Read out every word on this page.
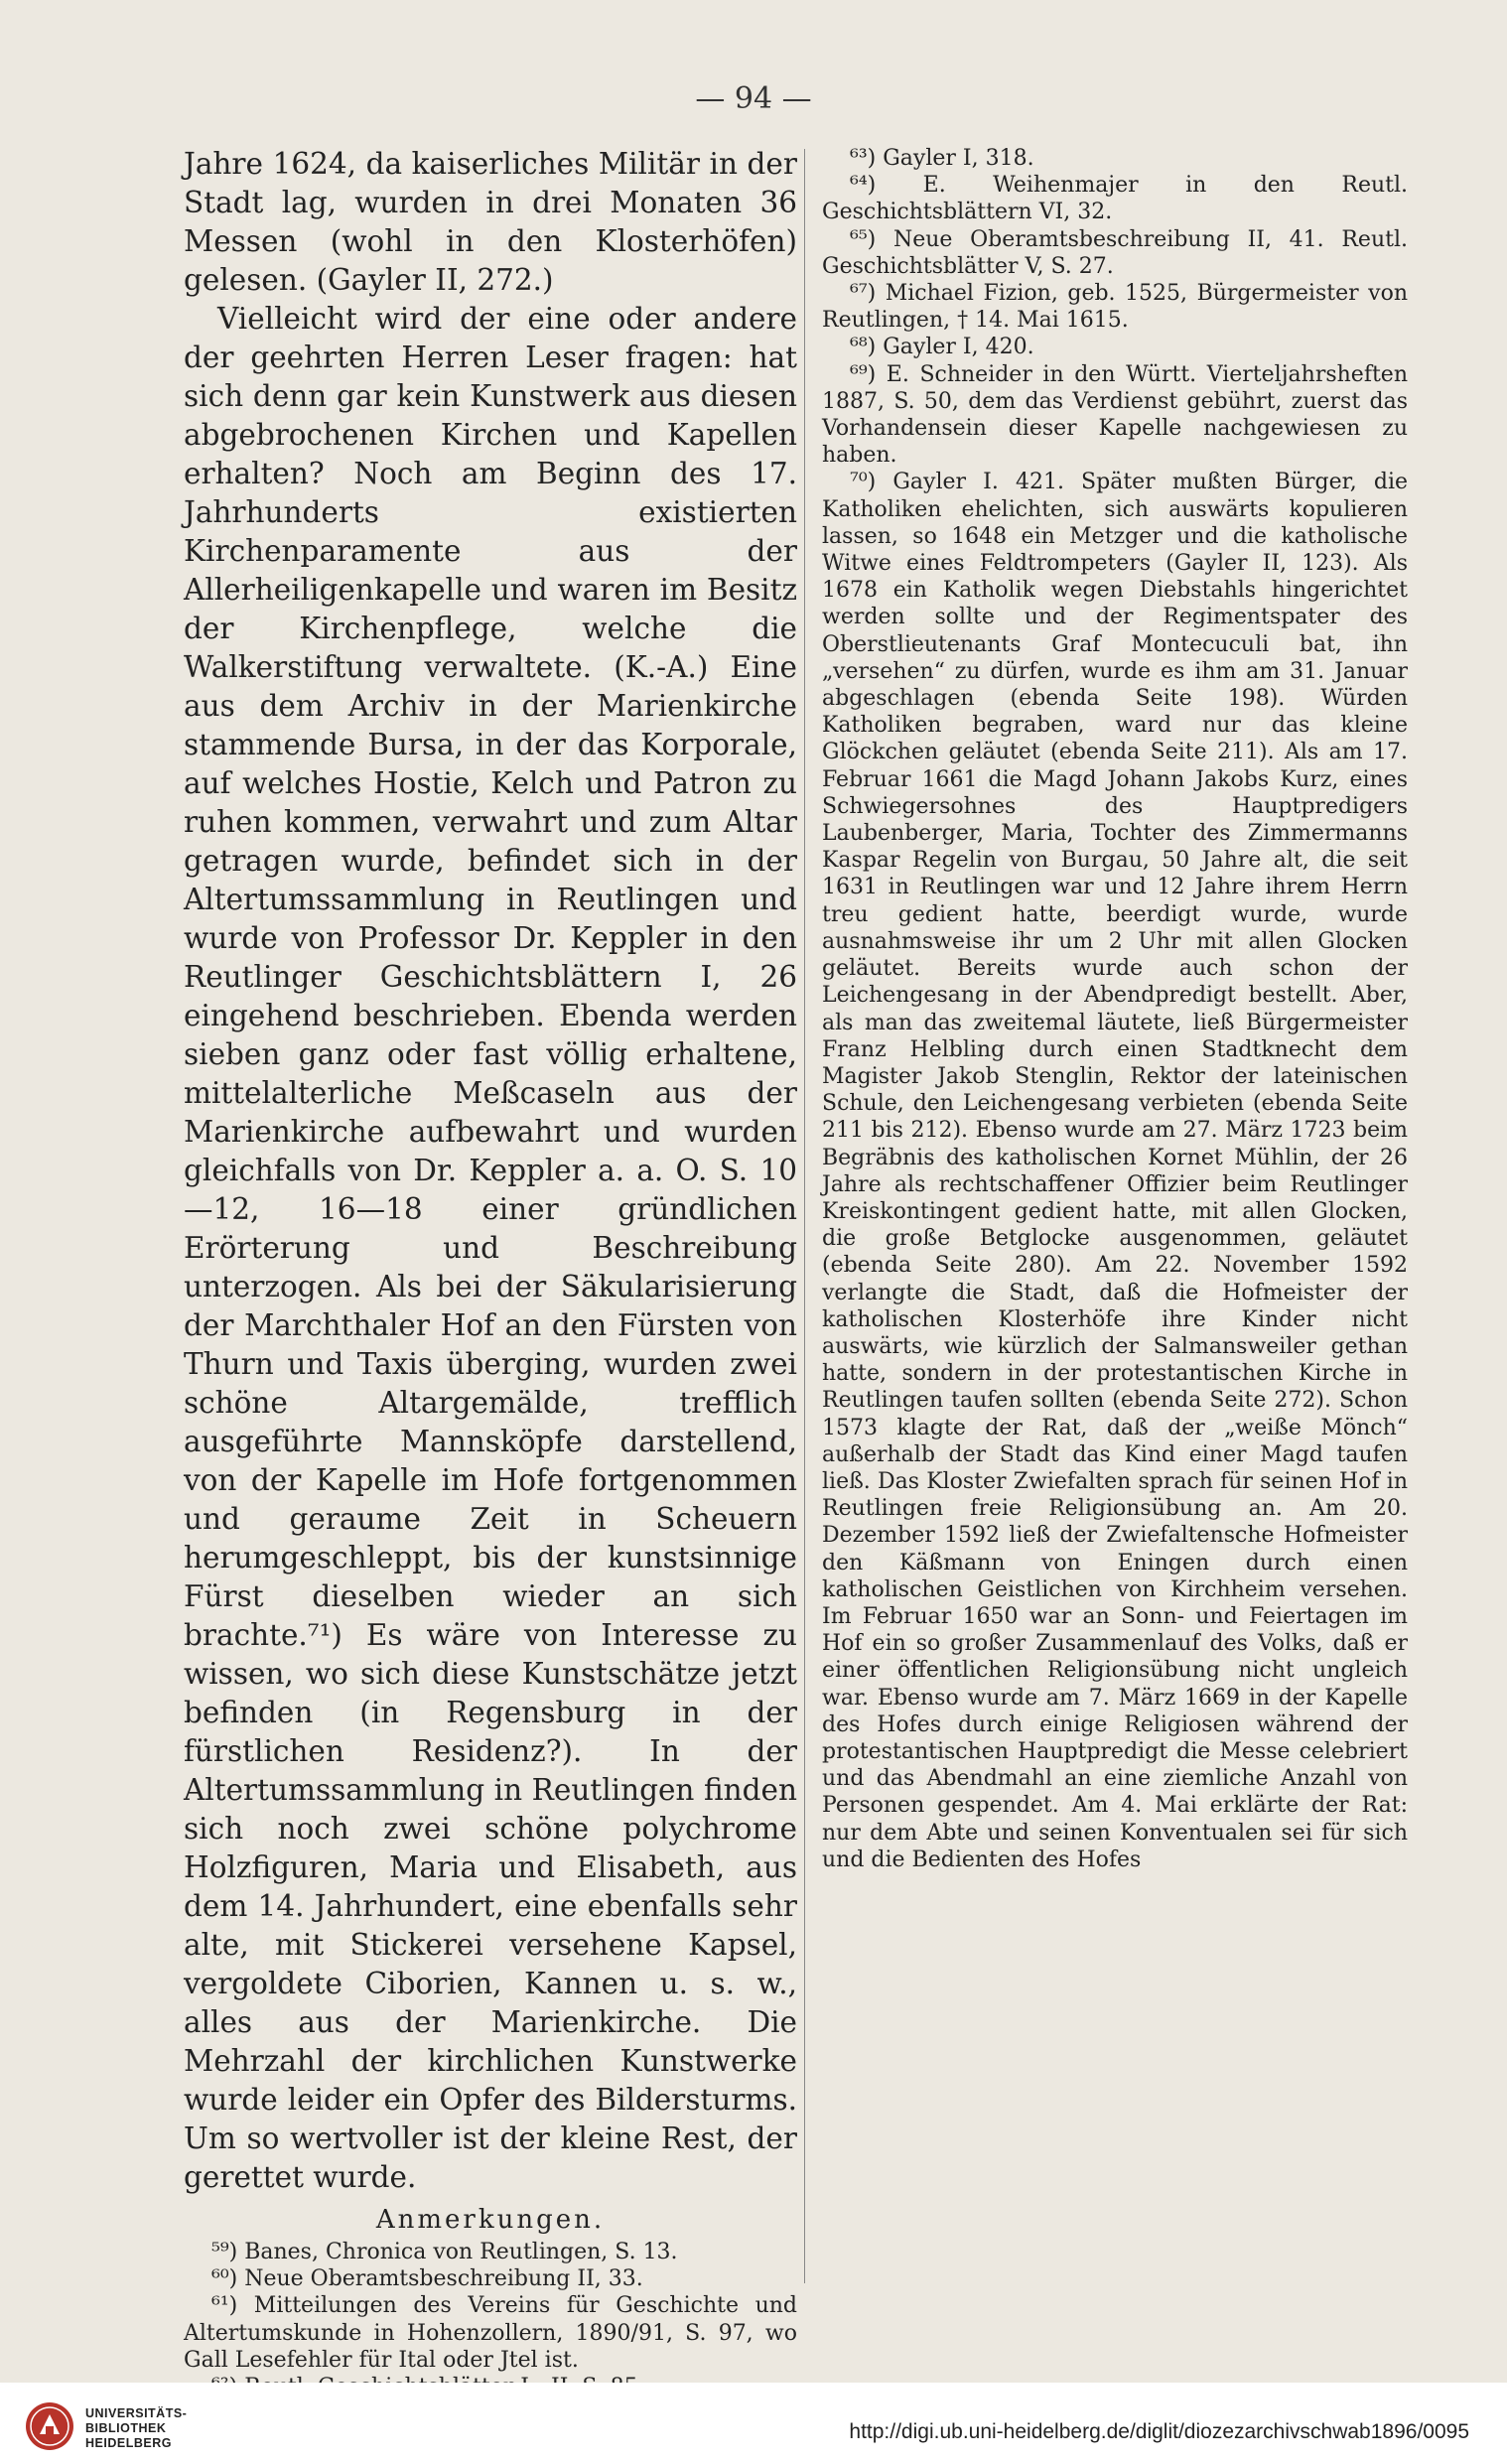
— 94 —

Jahre 1624, da kaiserliches Militär in der Stadt lag, wurden in drei Monaten 36 Messen (wohl in den Klosterhöfen) gelesen. (Gayler II, 272.)

Vielleicht wird der eine oder andere der geehrten Herren Leser fragen: hat sich denn gar kein Kunstwerk aus diesen abgebrochenen Kirchen und Kapellen erhalten? Noch am Beginn des 17. Jahrhunderts existierten Kirchenparamente aus der Allerheiligenkapelle und waren im Besitz der Kirchenpflege, welche die Walkerstiftung verwaltete. (K.-A.) Eine aus dem Archiv in der Marienkirche stammende Bursa, in der das Korporale, auf welches Hostie, Kelch und Patron zu ruhen kommen, verwahrt und zum Altar getragen wurde, befindet sich in der Altertumssammlung in Reutlingen und wurde von Professor Dr. Keppler in den Reutlinger Geschichtsblättern I, 26 eingehend beschrieben. Ebenda werden sieben ganz oder fast völlig erhaltene, mittelalterliche Meßcaseln aus der Marienkirche aufbewahrt und wurden gleichfalls von Dr. Keppler a. a. O. S. 10—12, 16—18 einer gründlichen Erörterung und Beschreibung unterzogen. Als bei der Säkularisierung der Marchthaler Hof an den Fürsten von Thurn und Taxis überging, wurden zwei schöne Altargemälde, trefflich ausgeführte Mannsköpfe darstellend, von der Kapelle im Hofe fortgenommen und geraume Zeit in Scheuern herumgeschleppt, bis der kunstsinnige Fürst dieselben wieder an sich brachte.⁷¹) Es wäre von Interesse zu wissen, wo sich diese Kunstschätze jetzt befinden (in Regensburg in der fürstlichen Residenz?). In der Altertumssammlung in Reutlingen finden sich noch zwei schöne polychrome Holzfiguren, Maria und Elisabeth, aus dem 14. Jahrhundert, eine ebenfalls sehr alte, mit Stickerei versehene Kapsel, vergoldete Ciborien, Kannen u. s. w., alles aus der Marienkirche. Die Mehrzahl der kirchlichen Kunstwerke wurde leider ein Opfer des Bildersturms. Um so wertvoller ist der kleine Rest, der gerettet wurde.

Anmerkungen.

⁵⁹) Banes, Chronica von Reutlingen, S. 13.

⁶⁰) Neue Oberamtsbeschreibung II, 33.

⁶¹) Mitteilungen des Vereins für Geschichte und Altertumskunde in Hohenzollern, 1890/91, S. 97, wo Gall Lesefehler für Ital oder Jtel ist.

⁶³) Gayler I, 318.

⁶⁴) E. Weihenmajer in den Reutl. Geschichtsblättern VI, 32.

⁶⁵) Neue Oberamtsbeschreibung II, 41. Reutl. Geschichtsblätter V, S. 27.

⁶⁷) Michael Fizion, geb. 1525, Bürgermeister von Reutlingen, † 14. Mai 1615.

⁶⁸) Gayler I, 420.

⁶⁹) E. Schneider in den Württ. Vierteljahrsheften 1887, S. 50, dem das Verdienst gebührt, zuerst das Vorhandensein dieser Kapelle nachgewiesen zu haben.

⁷⁰) Gayler I. 421. Später mußten Bürger, die Katholiken ehelichten, sich auswärts kopulieren lassen, so 1648 ein Metzger und die katholische Witwe eines Feldtrompeters (Gayler II, 123). Als 1678 ein Katholik wegen Diebstahls hingerichtet werden sollte und der Regimentspater des Oberstlieutenants Graf Montecuculi bat, ihn „versehen“ zu dürfen, wurde es ihm am 31. Januar abgeschlagen (ebenda Seite 198). Würden Katholiken begraben, ward nur das kleine Glöckchen geläutet (ebenda Seite 211). Als am 17. Februar 1661 die Magd Johann Jakobs Kurz, eines Schwiegersohnes des Hauptpredigers Laubenberger, Maria, Tochter des Zimmermanns Kaspar Regelin von Burgau, 50 Jahre alt, die seit 1631 in Reutlingen war und 12 Jahre ihrem Herrn treu gedient hatte, beerdigt wurde, wurde ausnahmsweise ihr um 2 Uhr mit allen Glocken geläutet. Bereits wurde auch schon der Leichengesang in der Abendpredigt bestellt. Aber, als man das zweitemal läutete, ließ Bürgermeister Franz Helbling durch einen Stadtknecht dem Magister Jakob Stenglin, Rektor der lateinischen Schule, den Leichengesang verbieten (ebenda Seite 211 bis 212). Ebenso wurde am 27. März 1723 beim Begräbnis des katholischen Kornet Mühlin, der 26 Jahre als rechtschaffener Offizier beim Reutlinger Kreiskontingent gedient hatte, mit allen Glocken, die große Betglocke ausgenommen, geläutet (ebenda Seite 280). Am 22. November 1592 verlangte die Stadt, daß die Hofmeister der katholischen Klosterhöfe ihre Kinder nicht auswärts, wie kürzlich der Salmansweiler gethan hatte, sondern in der protestantischen Kirche in Reutlingen taufen sollten (ebenda Seite 272). Schon 1573 klagte der Rat, daß der „weiße Mönch“ außerhalb der Stadt das Kind einer Magd taufen ließ. Das Kloster Zwiefalten sprach für seinen Hof in Reutlingen freie Religionsübung an. Am 20. Dezember 1592 ließ der Zwiefaltensche Hofmeister den Käßmann von Eningen durch einen katholischen Geistlichen von Kirchheim versehen. Im Februar 1650 war an Sonn- und Feiertagen im Hof ein so großer Zusammenlauf des Volks, daß er einer öffentlichen Religionsübung nicht ungleich war. Ebenso wurde am 7. März 1669 in der Kapelle des Hofes durch einige Religiosen während der protestantischen Hauptpredigt die Messe celebriert und das Abendmahl an eine ziemliche Anzahl von Personen gespendet. Am 4. Mai erklärte der Rat: nur dem Abte und seinen Konventualen sei für sich und die Bedienten des Hofes

UNIVERSITÄTS-
BIBLIOTHEK
HEIDELBERG	http://digi.ub.uni-heidelberg.de/diglit/diozezarchivschwab1896/0095
